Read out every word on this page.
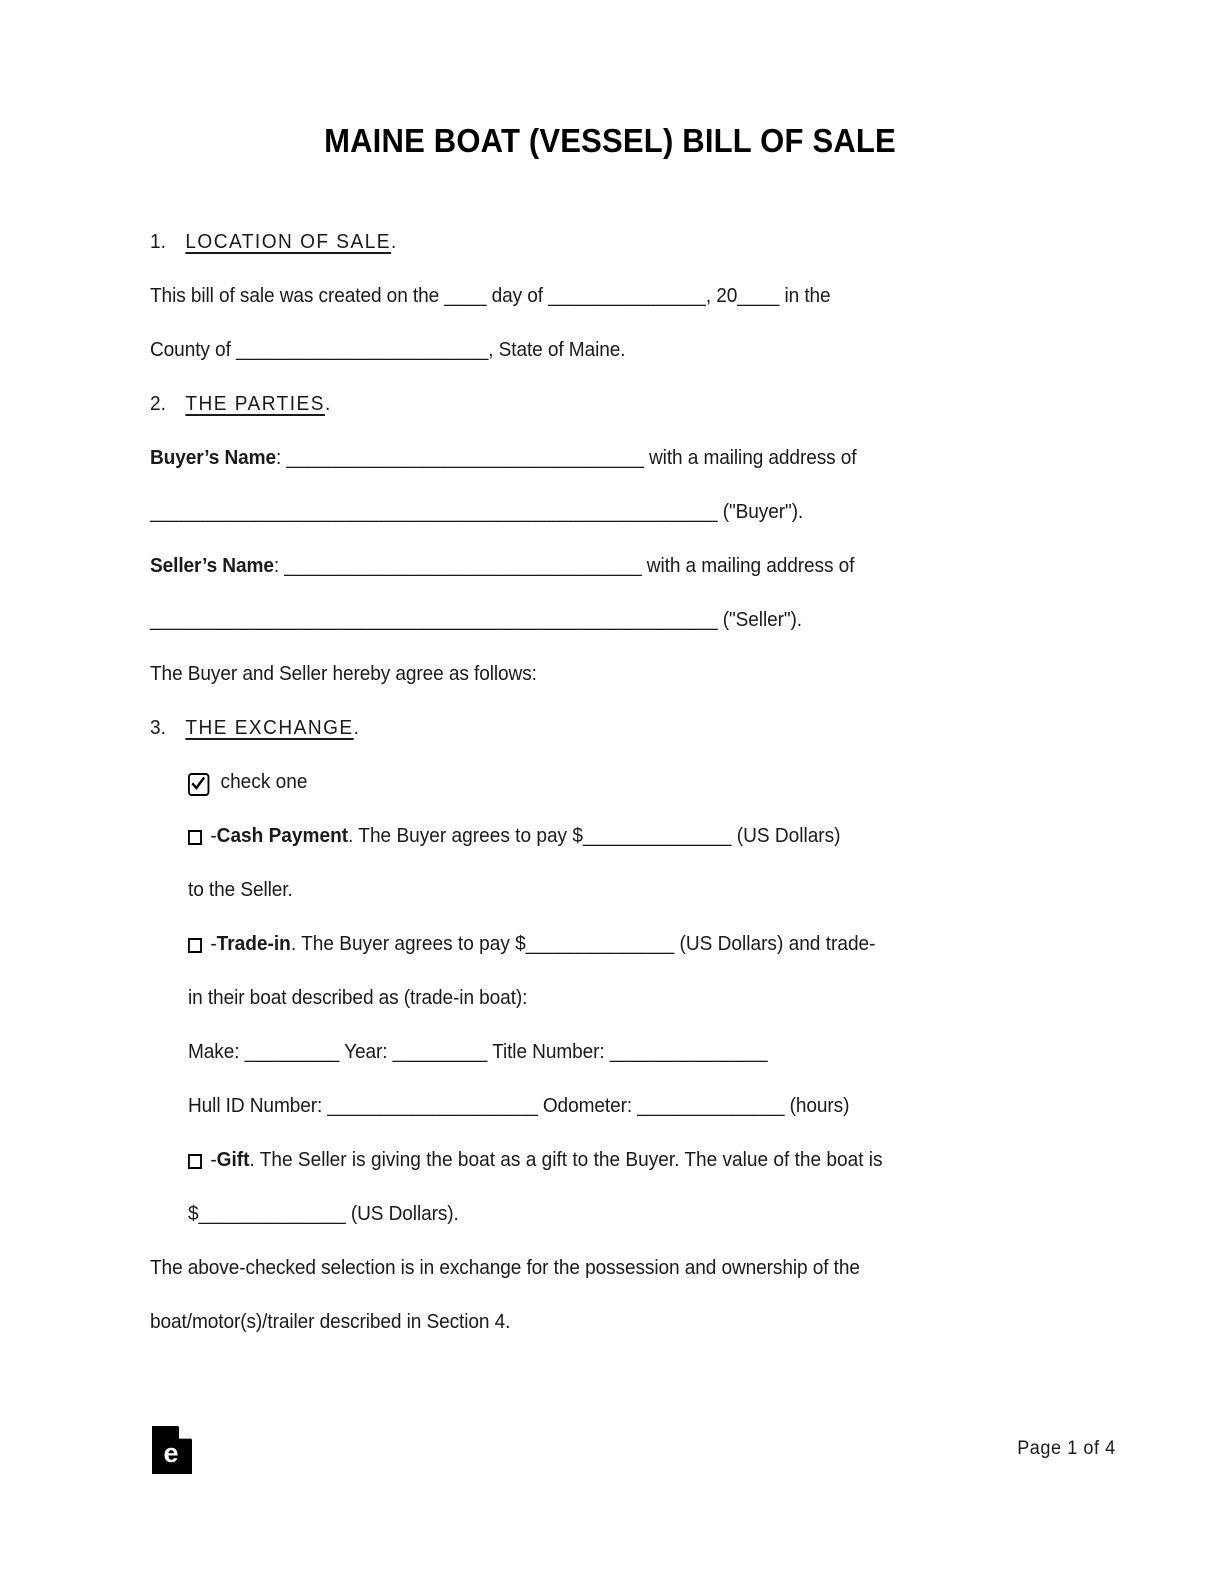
MAINE BOAT (VESSEL) BILL OF SALE
1. LOCATION OF SALE.
This bill of sale was created on the ____ day of _______________, 20____ in the
County of ________________________, State of Maine.
2. THE PARTIES.
Buyer’s Name: __________________________________ with a mailing address of
______________________________________________________ ("Buyer").
Seller’s Name: __________________________________ with a mailing address of
______________________________________________________ ("Seller").
The Buyer and Seller hereby agree as follows:
3. THE EXCHANGE.
check one
- Cash Payment . The Buyer agrees to pay $______________ (US Dollars)
to the Seller.
- Trade-in . The Buyer agrees to pay $______________ (US Dollars) and trade-
in their boat described as (trade-in boat):
Make: _________ Year: _________ Title Number: _______________
Hull ID Number: ____________________ Odometer: ______________ (hours)
- Gift . The Seller is giving the boat as a gift to the Buyer. The value of the boat is
$______________ (US Dollars).
The above-checked selection is in exchange for the possession and ownership of the
boat/motor(s)/trailer described in Section 4.
e	Page 1 of 4
